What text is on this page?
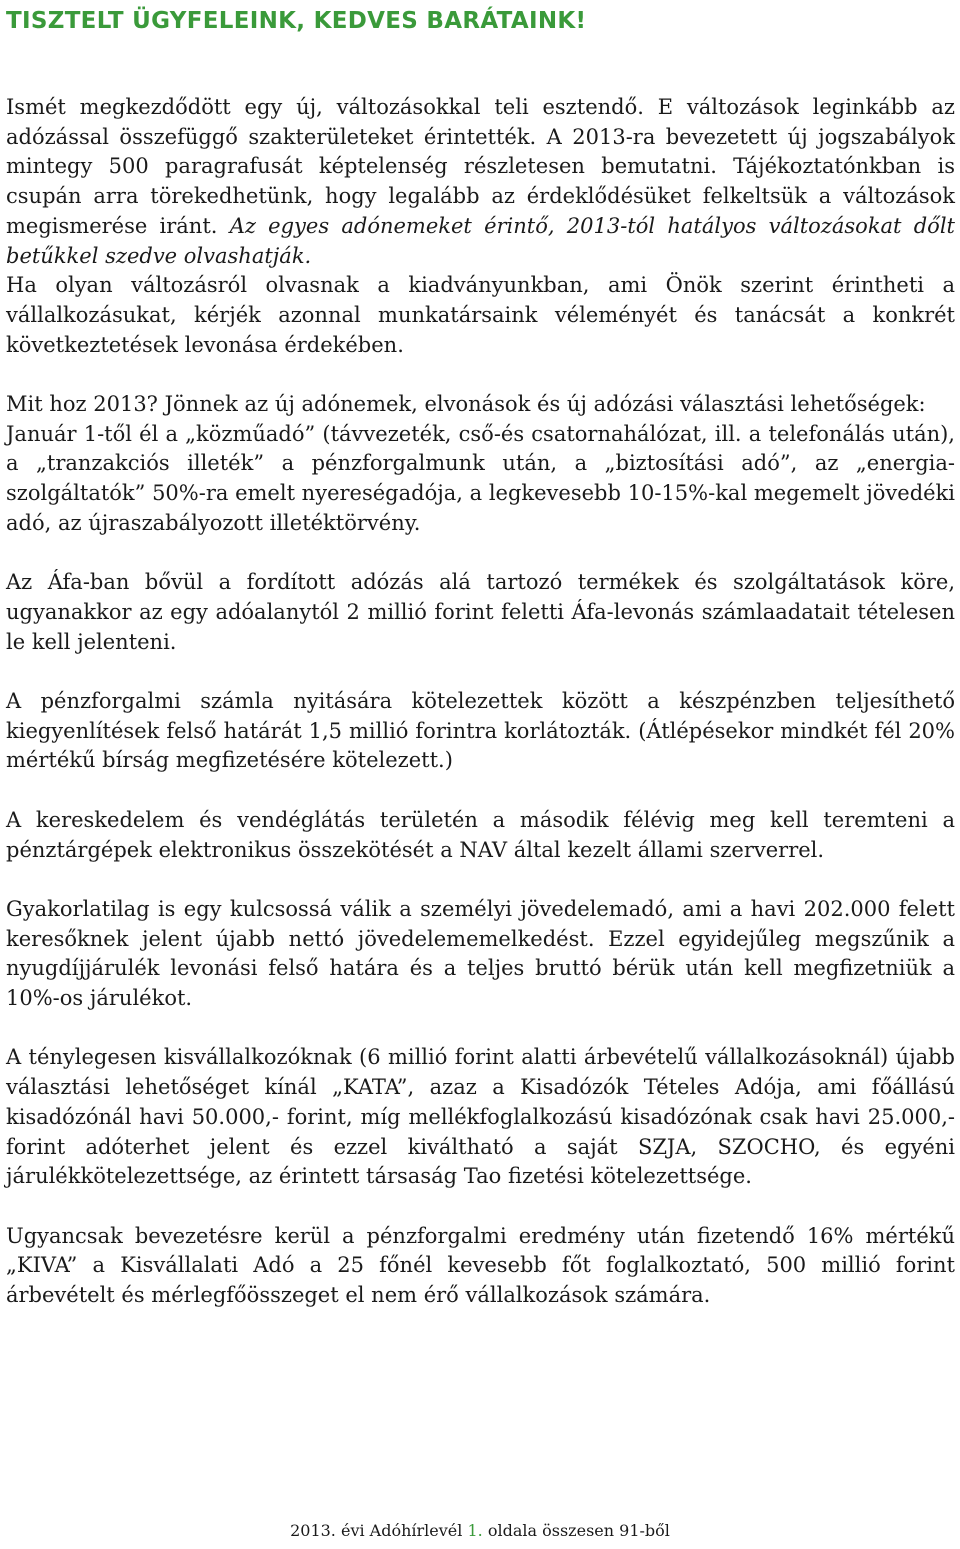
TISZTELT ÜGYFELEINK, KEDVES BARÁTAINK!

Ismét megkezdődött egy új, változásokkal teli esztendő. E változások leginkább az adózással összefüggő szakterületeket érintették. A 2013-ra bevezetett új jogszabályok mintegy 500 paragrafusát képtelenség részletesen bemutatni. Tájékoztatónkban is csupán arra törekedhetünk, hogy legalább az érdeklődésüket felkeltsük a változások megismerése iránt. Az egyes adónemeket érintő, 2013-tól hatályos változásokat dőlt betűkkel szedve olvashatják.

Ha olyan változásról olvasnak a kiadványunkban, ami Önök szerint érintheti a vállalkozásukat, kérjék azonnal munkatársaink véleményét és tanácsát a konkrét következtetések levonása érdekében.

Mit hoz 2013? Jönnek az új adónemek, elvonások és új adózási választási lehetőségek:

Január 1-től él a „közműadó” (távvezeték, cső-és csatornahálózat, ill. a telefonálás után), a „tranzakciós illeték” a pénzforgalmunk után, a „biztosítási adó”, az „energia-szolgáltatók” 50%-ra emelt nyereségadója, a legkevesebb 10-15%-kal megemelt jövedéki adó, az újraszabályozott illetéktörvény.

Az Áfa-ban bővül a fordított adózás alá tartozó termékek és szolgáltatások köre, ugyanakkor az egy adóalanytól 2 millió forint feletti Áfa-levonás számlaadatait tételesen le kell jelenteni.

A pénzforgalmi számla nyitására kötelezettek között a készpénzben teljesíthető kiegyenlítések felső határát 1,5 millió forintra korlátozták. (Átlépésekor mindkét fél 20% mértékű bírság megfizetésére kötelezett.)

A kereskedelem és vendéglátás területén a második félévig meg kell teremteni a pénztárgépek elektronikus összekötését a NAV által kezelt állami szerverrel.

Gyakorlatilag is egy kulcsossá válik a személyi jövedelemadó, ami a havi 202.000 felett keresőknek jelent újabb nettó jövedelememelkedést. Ezzel egyidejűleg megszűnik a nyugdíjjárulék levonási felső határa és a teljes bruttó bérük után kell megfizetniük a 10%-os járulékot.

A ténylegesen kisvállalkozóknak (6 millió forint alatti árbevételű vállalkozásoknál) újabb választási lehetőséget kínál „KATA”, azaz a Kisadózók Tételes Adója, ami főállású kisadózónál havi 50.000,- forint, míg mellékfoglalkozású kisadózónak csak havi 25.000,- forint adóterhet jelent és ezzel kiváltható a saját SZJA, SZOCHO, és egyéni járulékkötelezettsége, az érintett társaság Tao fizetési kötelezettsége.

Ugyancsak bevezetésre kerül a pénzforgalmi eredmény után fizetendő 16% mértékű „KIVA” a Kisvállalati Adó a 25 főnél kevesebb főt foglalkoztató, 500 millió forint árbevételt és mérlegfőösszeget el nem érő vállalkozások számára.

2013. évi Adóhírlevél 1. oldala összesen 91-ből
